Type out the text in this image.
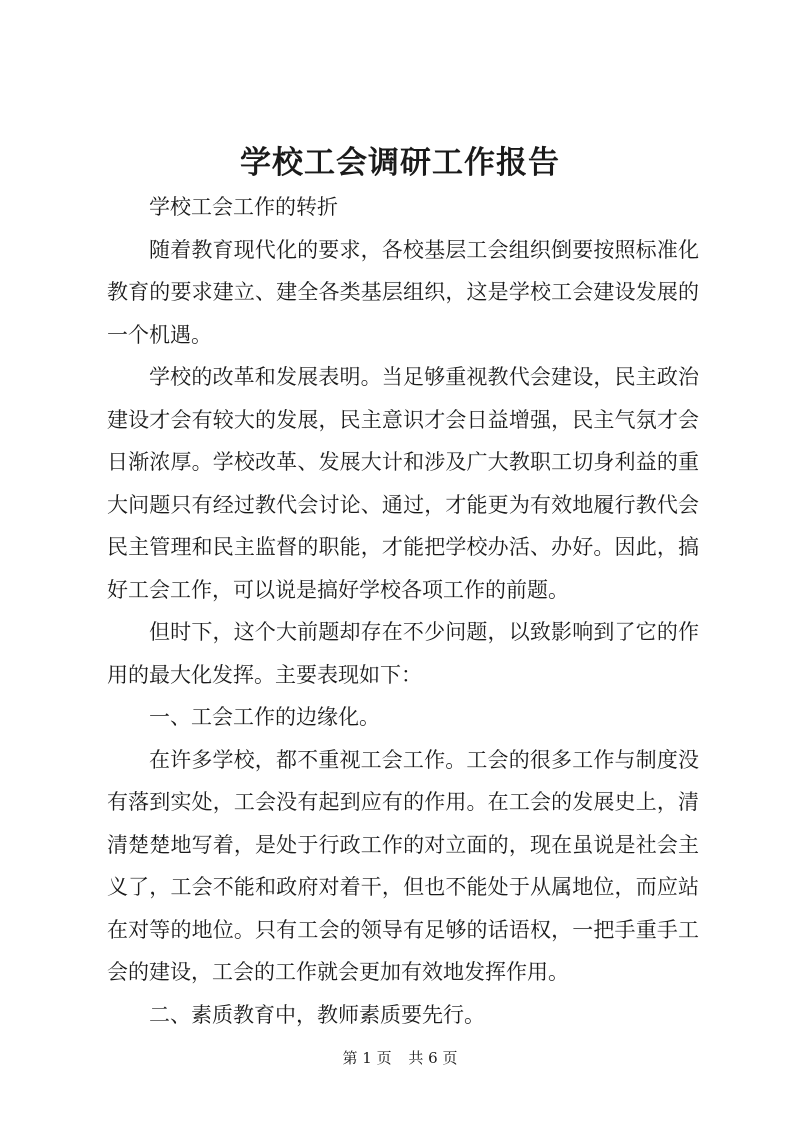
学校工会调研工作报告

学校工会工作的转折

随着教育现代化的要求，各校基层工会组织倒要按照标准化教育的要求建立、建全各类基层组织，这是学校工会建设发展的一个机遇。

学校的改革和发展表明。当足够重视教代会建设，民主政治建设才会有较大的发展，民主意识才会日益增强，民主气氛才会日渐浓厚。学校改革、发展大计和涉及广大教职工切身利益的重大问题只有经过教代会讨论、通过，才能更为有效地履行教代会民主管理和民主监督的职能，才能把学校办活、办好。因此，搞好工会工作，可以说是搞好学校各项工作的前题。

但时下，这个大前题却存在不少问题，以致影响到了它的作用的最大化发挥。主要表现如下：

一、工会工作的边缘化。

在许多学校，都不重视工会工作。工会的很多工作与制度没有落到实处，工会没有起到应有的作用。在工会的发展史上，清清楚楚地写着，是处于行政工作的对立面的，现在虽说是社会主义了，工会不能和政府对着干，但也不能处于从属地位，而应站在对等的地位。只有工会的领导有足够的话语权，一把手重手工会的建设，工会的工作就会更加有效地发挥作用。

二、素质教育中，教师素质要先行。

第 1 页 共 6 页
